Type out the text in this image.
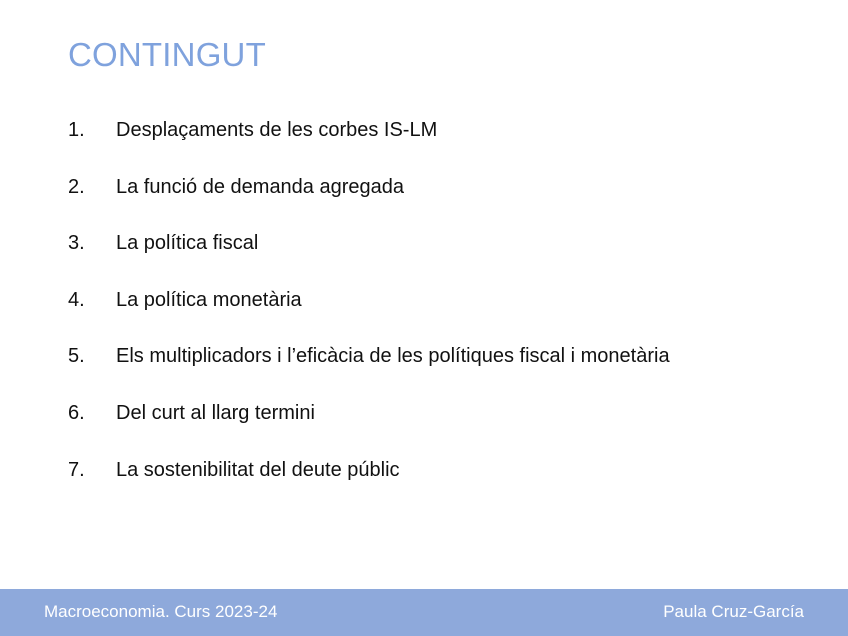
CONTINGUT
1.	Desplaçaments de les corbes IS-LM
2.	La funció de demanda agregada
3.	La política fiscal
4.	La política monetària
5.	Els multiplicadors i l’eficàcia de les polítiques fiscal i monetària
6.	Del curt al llarg termini
7.	La sostenibilitat del deute públic
Macroeconomia. Curs 2023-24	Paula Cruz-García
